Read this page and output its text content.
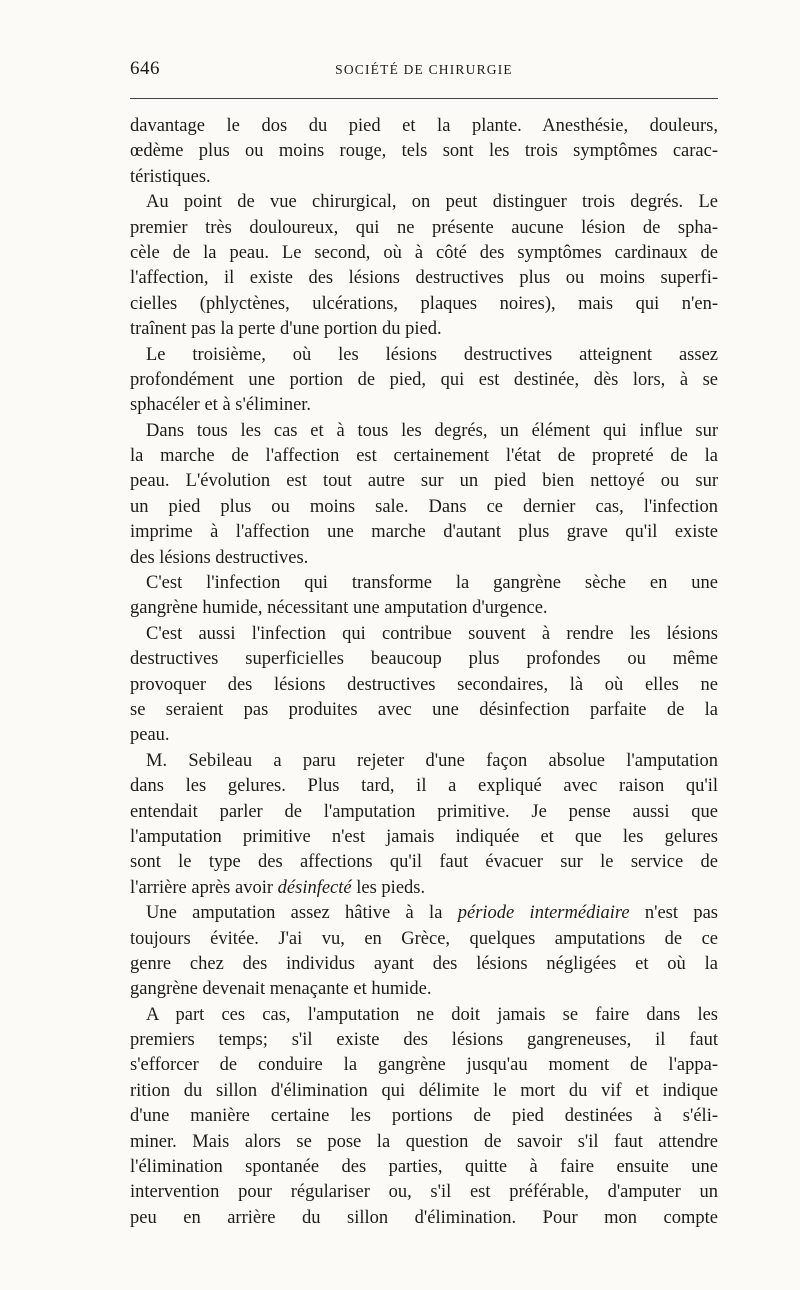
646	SOCIÉTÉ DE CHIRURGIE

davantage le dos du pied et la plante. Anesthésie, douleurs,
œdème plus ou moins rouge, tels sont les trois symptômes carac-
téristiques.

Au point de vue chirurgical, on peut distinguer trois degrés. Le
premier très douloureux, qui ne présente aucune lésion de spha-
cèle de la peau. Le second, où à côté des symptômes cardinaux de
l'affection, il existe des lésions destructives plus ou moins superfi-
cielles (phlyctènes, ulcérations, plaques noires), mais qui n'en-
traînent pas la perte d'une portion du pied.

Le troisième, où les lésions destructives atteignent assez
profondément une portion de pied, qui est destinée, dès lors, à se
sphacéler et à s'éliminer.

Dans tous les cas et à tous les degrés, un élément qui influe sur
la marche de l'affection est certainement l'état de propreté de la
peau. L'évolution est tout autre sur un pied bien nettoyé ou sur
un pied plus ou moins sale. Dans ce dernier cas, l'infection
imprime à l'affection une marche d'autant plus grave qu'il existe
des lésions destructives.

C'est l'infection qui transforme la gangrène sèche en une
gangrène humide, nécessitant une amputation d'urgence.

C'est aussi l'infection qui contribue souvent à rendre les lésions
destructives superficielles beaucoup plus profondes ou même
provoquer des lésions destructives secondaires, là où elles ne
se seraient pas produites avec une désinfection parfaite de la
peau.

M. Sebileau a paru rejeter d'une façon absolue l'amputation
dans les gelures. Plus tard, il a expliqué avec raison qu'il
entendait parler de l'amputation primitive. Je pense aussi que
l'amputation primitive n'est jamais indiquée et que les gelures
sont le type des affections qu'il faut évacuer sur le service de
l'arrière après avoir désinfecté les pieds.

Une amputation assez hâtive à la période intermédiaire n'est pas
toujours évitée. J'ai vu, en Grèce, quelques amputations de ce
genre chez des individus ayant des lésions négligées et où la
gangrène devenait menaçante et humide.

A part ces cas, l'amputation ne doit jamais se faire dans les
premiers temps; s'il existe des lésions gangreneuses, il faut
s'efforcer de conduire la gangrène jusqu'au moment de l'appa-
rition du sillon d'élimination qui délimite le mort du vif et indique
d'une manière certaine les portions de pied destinées à s'éli-
miner. Mais alors se pose la question de savoir s'il faut attendre
l'élimination spontanée des parties, quitte à faire ensuite une
intervention pour régulariser ou, s'il est préférable, d'amputer un
peu en arrière du sillon d'élimination. Pour mon compte
